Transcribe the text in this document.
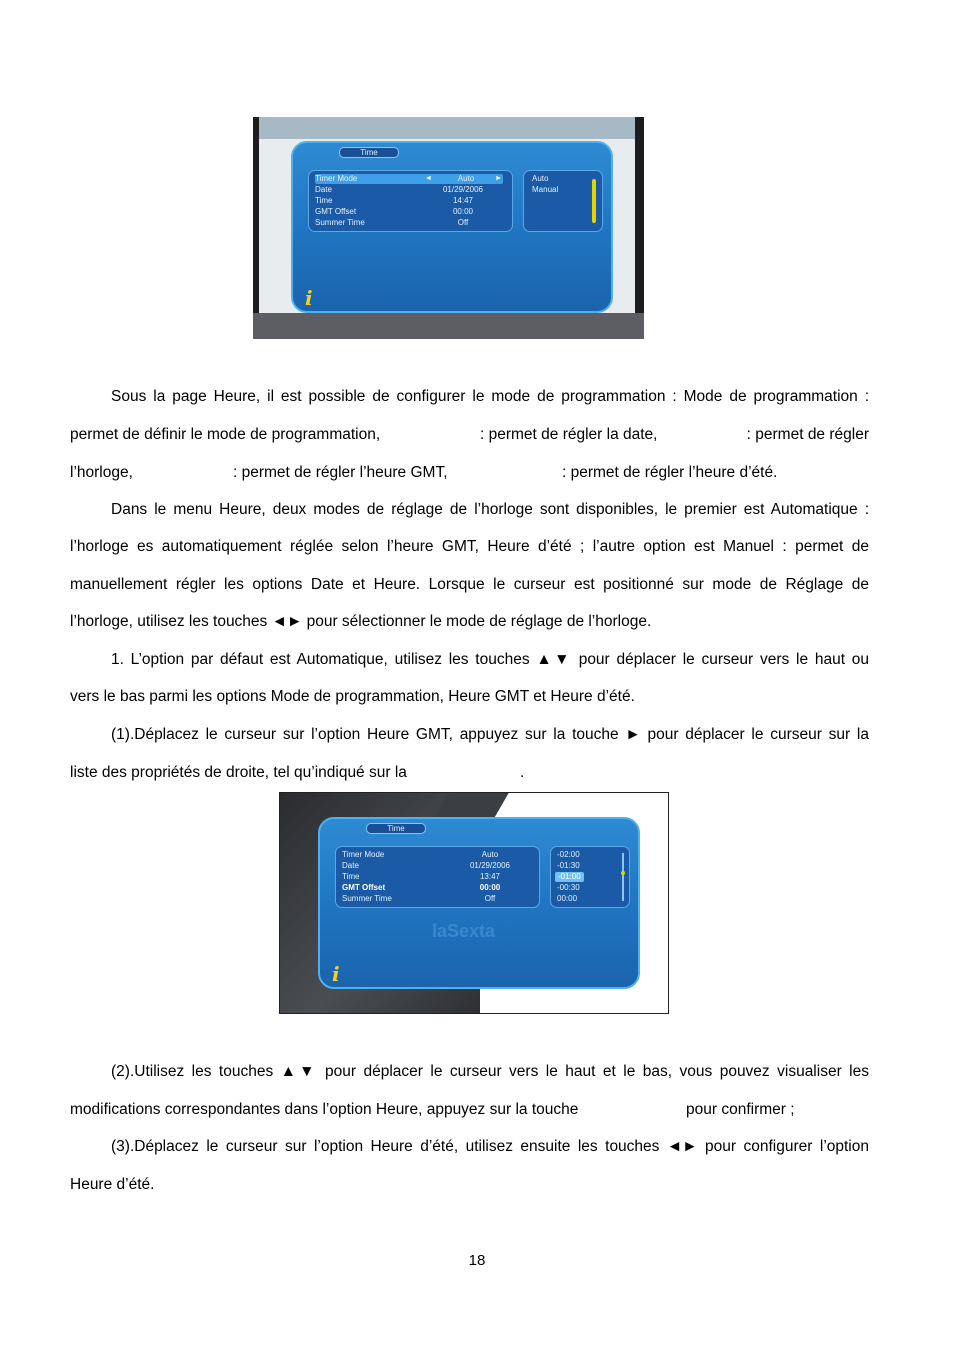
Time
Timer Mode	◄	Auto	►
Date	01/29/2006
Time	14:47
GMT Offset	00:00
Summer Time	Off
Auto
Manual
i

Sous la page Heure, il est possible de configurer le mode de programmation : Mode de programmation :

permet de définir le mode de programmation,	: permet de régler la date,	: permet de régler

l’horloge,	: permet de régler l’heure GMT,	: permet de régler l’heure d’été.

Dans le menu Heure, deux modes de réglage de l’horloge sont disponibles, le premier est Automatique :

l’horloge es automatiquement réglée selon l’heure GMT, Heure d’été ; l’autre option est Manuel : permet de

manuellement régler les options Date et Heure. Lorsque le curseur est positionné sur mode de Réglage de

l’horloge, utilisez les touches ◄► pour sélectionner le mode de réglage de l’horloge.

1. L’option par défaut est Automatique, utilisez les touches ▲▼ pour déplacer le curseur vers le haut ou

vers le bas parmi les options Mode de programmation, Heure GMT et Heure d’été.

(1).Déplacez le curseur sur l’option Heure GMT, appuyez sur la touche ► pour déplacer le curseur sur la

liste des propriétés de droite, tel qu’indiqué sur la	.

Time
Timer Mode	Auto
Date	01/29/2006
Time	13:47
GMT Offset	00:00
Summer Time	Off
-02:00
-01:30
-01:00
-00:30
00:00
laSexta
i

(2).Utilisez les touches ▲▼ pour déplacer le curseur vers le haut et le bas, vous pouvez visualiser les

modifications correspondantes dans l’option Heure, appuyez sur la touche	pour confirmer ;

(3).Déplacez le curseur sur l’option Heure d’été, utilisez ensuite les touches ◄► pour configurer l’option

Heure d’été.

18
